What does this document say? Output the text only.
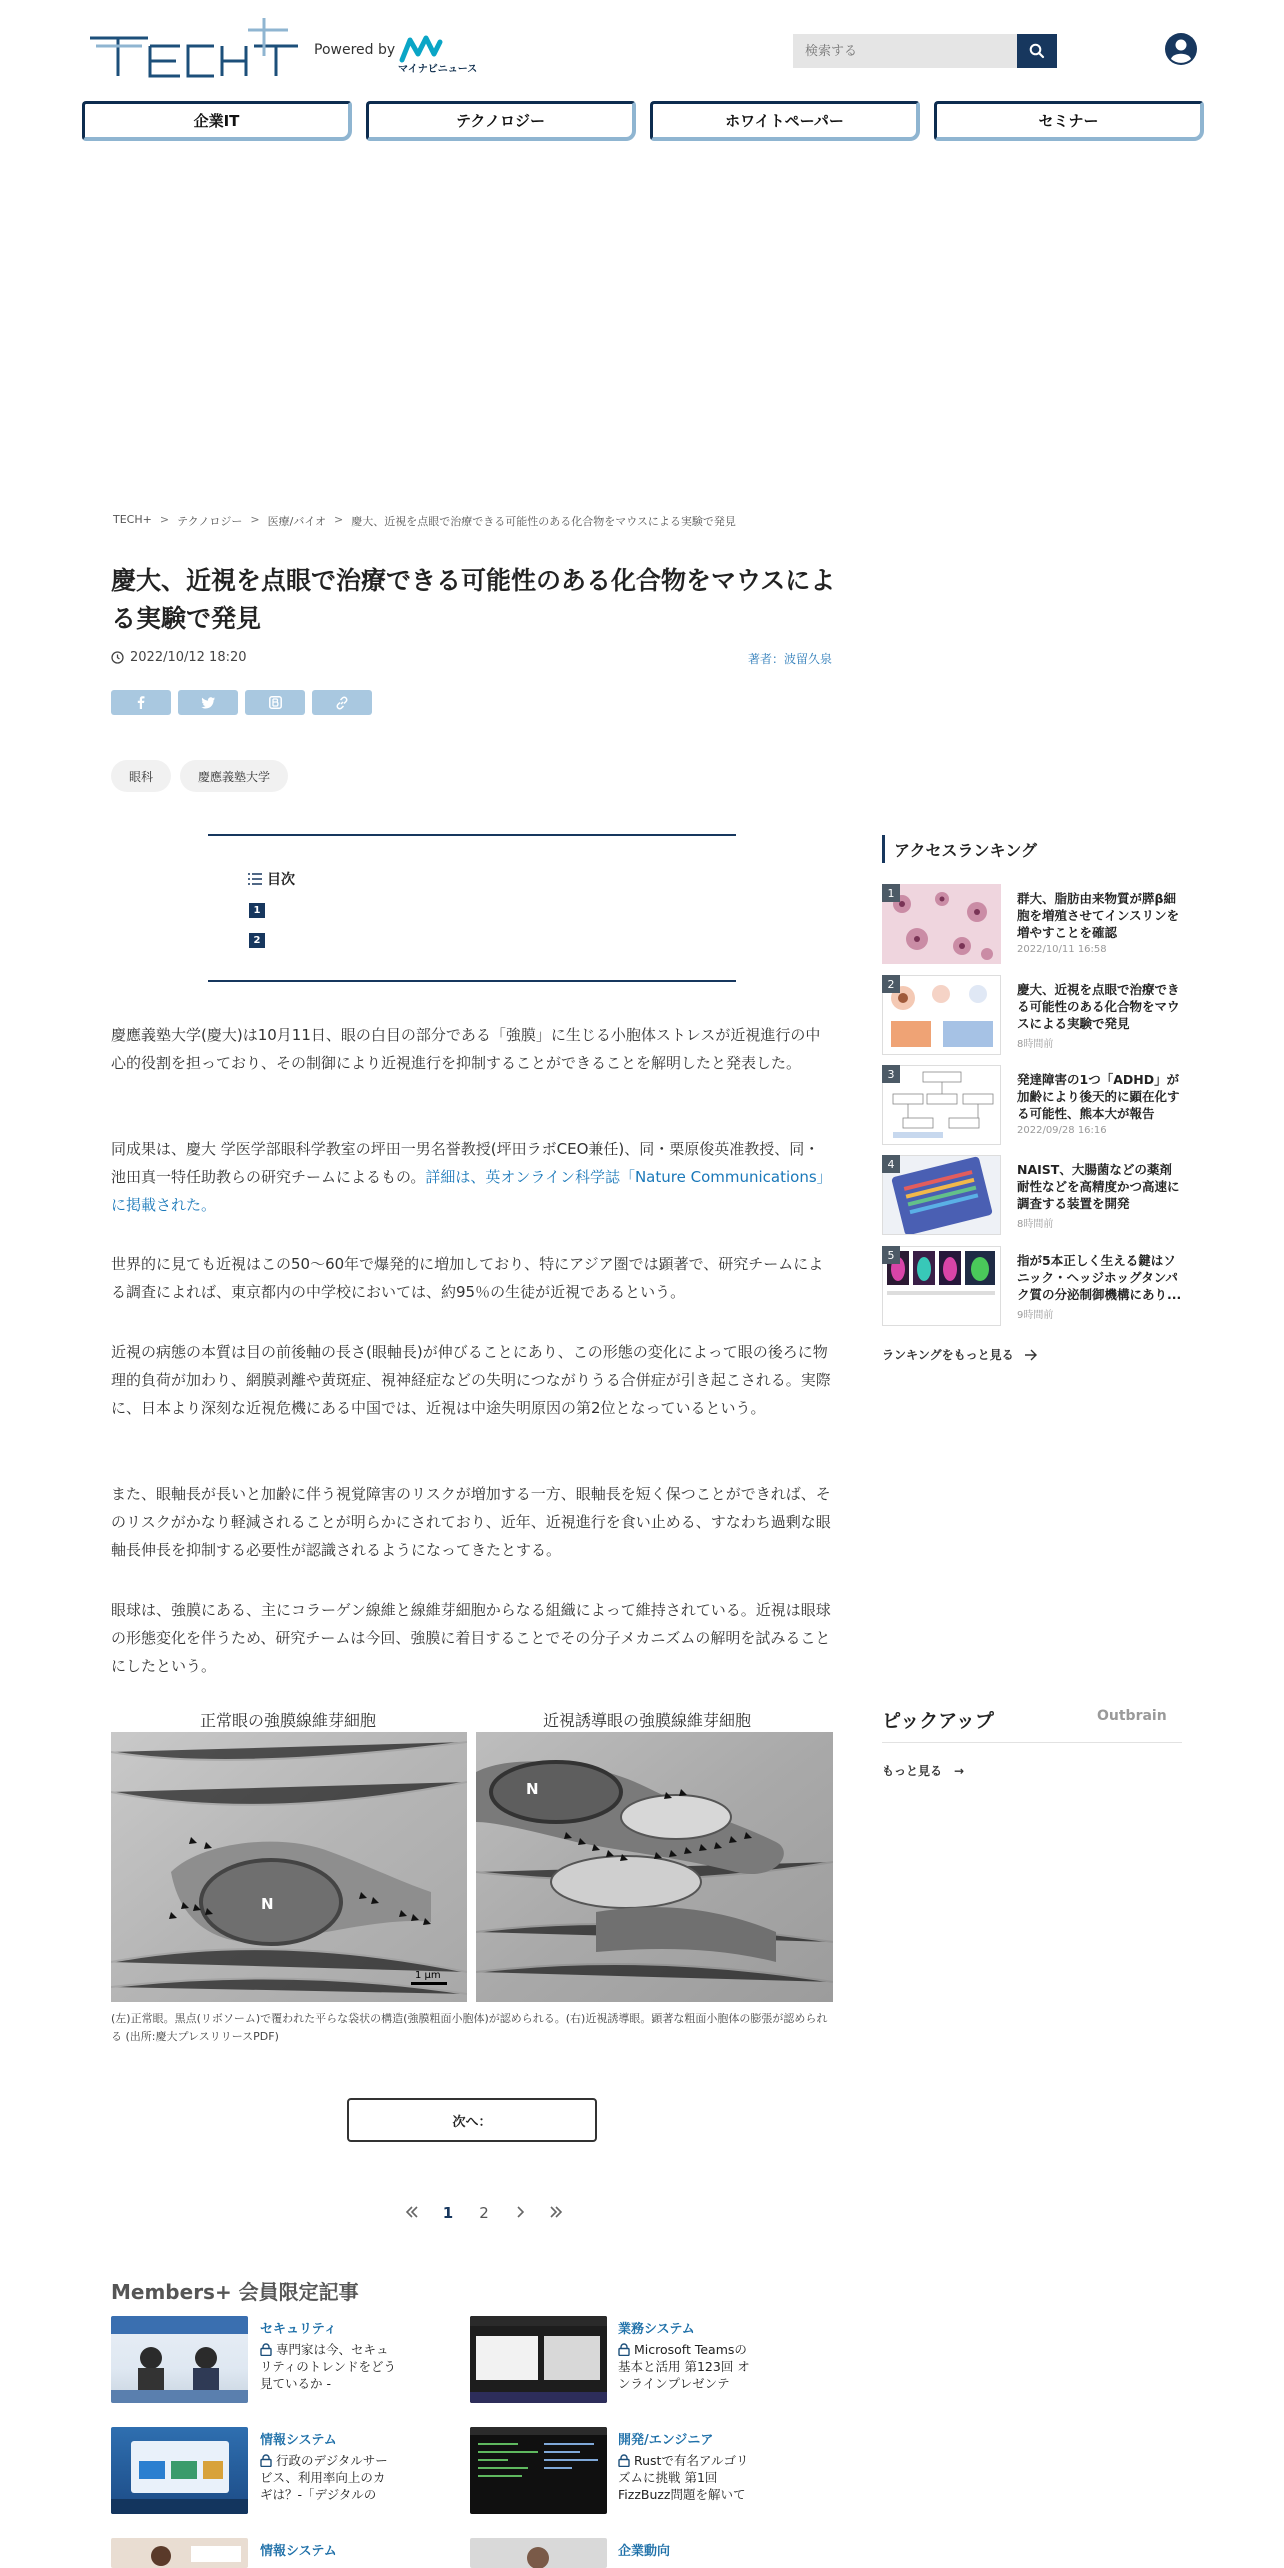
Powered by
マイナビニュース
検索する
企業IT	テクノロジー	ホワイトペーパー	セミナー
TECH+ > テクノロジー > 医療/バイオ > 慶大、近視を点眼で治療できる可能性のある化合物をマウスによる実験で発見
慶大、近視を点眼で治療できる可能性のある化合物をマウスによる実験で発見
2022/10/12 18:20	著者：波留久泉
眼科	慶應義塾大学
目次
1
2

慶應義塾大学(慶大)は10月11日、眼の白目の部分である「強膜」に生じる小胞体ストレスが近視進行の中心的役割を担っており、その制御により近視進行を抑制することができることを解明したと発表した。

同成果は、慶大 学医学部眼科学教室の坪田一男名誉教授(坪田ラボCEO兼任)、同・栗原俊英准教授、同・池田真一特任助教らの研究チームによるもの。詳細は、英オンライン科学誌「Nature Communications」に掲載された。

世界的に見ても近視はこの50～60年で爆発的に増加しており、特にアジア圏では顕著で、研究チームによる調査によれば、東京都内の中学校においては、約95％の生徒が近視であるという。

近視の病態の本質は目の前後軸の長さ(眼軸長)が伸びることにあり、この形態の変化によって眼の後ろに物理的負荷が加わり、網膜剥離や黄斑症、視神経症などの失明につながりうる合併症が引き起こされる。実際に、日本より深刻な近視危機にある中国では、近視は中途失明原因の第2位となっているという。

また、眼軸長が長いと加齢に伴う視覚障害のリスクが増加する一方、眼軸長を短く保つことができれば、そのリスクがかなり軽減されることが明らかにされており、近年、近視進行を食い止める、すなわち過剰な眼軸長伸長を抑制する必要性が認識されるようになってきたとする。

眼球は、強膜にある、主にコラーゲン線維と線維芽細胞からなる組織によって維持されている。近視は眼球の形態変化を伴うため、研究チームは今回、強膜に着目することでその分子メカニズムの解明を試みることにしたという。

正常眼の強膜線維芽細胞	近視誘導眼の強膜線維芽細胞
N
1 μm
N
(左)正常眼。黒点(リボソーム)で覆われた平らな袋状の構造(強膜粗面小胞体)が認められる。(右)近視誘導眼。顕著な粗面小胞体の膨張が認められる (出所:慶大プレスリリースPDF)
次へ：
1	2
Members+ 会員限定記事
セキュリティ
専門家は今、セキュリティのトレンドをどう見ているか -
業務システム
Microsoft Teamsの基本と活用 第123回 オンラインプレゼンテ
情報システム
行政のデジタルサービス、利用率向上のカギは？-「デジタルの
開発/エンジニア
Rustで有名アルゴリズムに挑戦 第1回 FizzBuzz問題を解いて
情報システム	企業動向
アクセスランキング
1	群大、脂肪由来物質が膵β細胞を増殖させてインスリンを増やすことを確認
2022/10/11 16:58
2	慶大、近視を点眼で治療できる可能性のある化合物をマウスによる実験で発見
8時間前
3	発達障害の1つ「ADHD」が加齢により後天的に顕在化する可能性、熊本大が報告
2022/09/28 16:16
4	NAIST、大腸菌などの薬剤耐性などを高精度かつ高速に調査する装置を開発
8時間前
5	指が5本正しく生える鍵はソニック・ヘッジホッグタンパク質の分泌制御機構にあり...
9時間前
ランキングをもっと見る
ピックアップ	Outbrain
もっと見る　→
